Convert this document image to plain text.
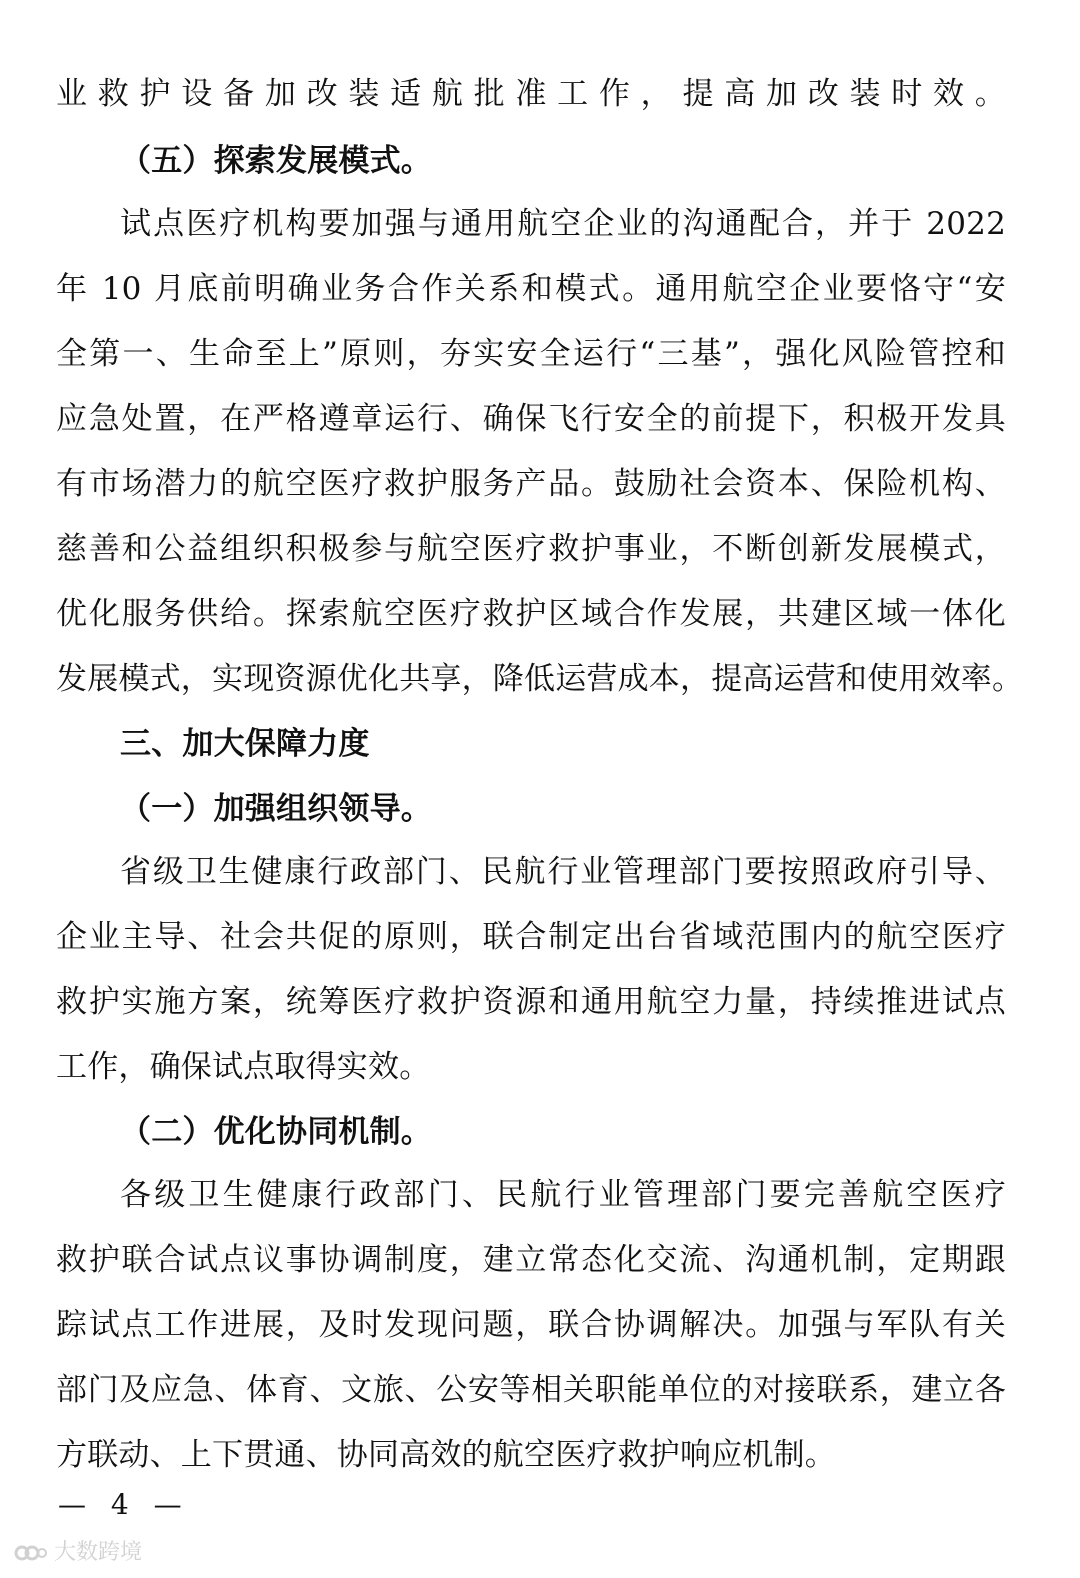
业救护设备加改装适航批准工作，提高加改装时效。
（五）探索发展模式。
试点医疗机构要加强与通用航空企业的沟通配合，并于 2022
年 10 月底前明确业务合作关系和模式。通用航空企业要恪守“安
全第一、生命至上”原则，夯实安全运行“三基”，强化风险管控和
应急处置，在严格遵章运行、确保飞行安全的前提下，积极开发具
有市场潜力的航空医疗救护服务产品。鼓励社会资本、保险机构、
慈善和公益组织积极参与航空医疗救护事业，不断创新发展模式，
优化服务供给。探索航空医疗救护区域合作发展，共建区域一体化
发展模式，实现资源优化共享，降低运营成本，提高运营和使用效率。
三、加大保障力度
（一）加强组织领导。
省级卫生健康行政部门、民航行业管理部门要按照政府引导、
企业主导、社会共促的原则，联合制定出台省域范围内的航空医疗
救护实施方案，统筹医疗救护资源和通用航空力量，持续推进试点
工作，确保试点取得实效。
（二）优化协同机制。
各级卫生健康行政部门、民航行业管理部门要完善航空医疗
救护联合试点议事协调制度，建立常态化交流、沟通机制，定期跟
踪试点工作进展，及时发现问题，联合协调解决。加强与军队有关
部门及应急、体育、文旅、公安等相关职能单位的对接联系，建立各
方联动、上下贯通、协同高效的航空医疗救护响应机制。
— 4 —
大数跨境
